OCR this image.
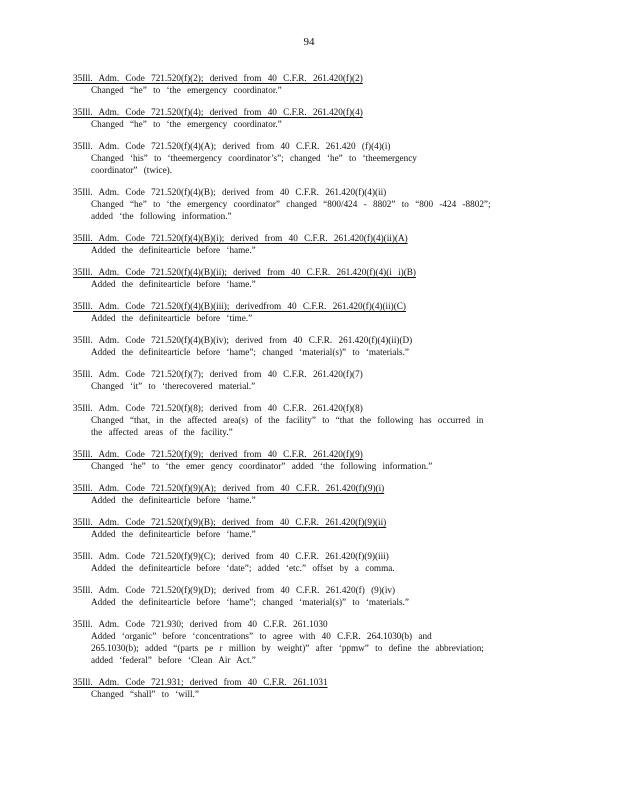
94
35Ill. Adm. Code 721.520(f)(2); derived from 40 C.F.R. 261.420(f)(2)
Changed “he” to ‘the emergency coordinator.”
35Ill. Adm. Code 721.520(f)(4); derived from 40 C.F.R. 261.420(f)(4)
Changed “he” to ‘the emergency coordinator.”
35Ill. Adm. Code 721.520(f)(4)(A); derived from 40 C.F.R. 261.420 (f)(4)(i)
Changed ‘his” to ‘theemergency coordinator’s”; changed ‘he” to ‘theemergency
coordinator” (twice).
35Ill. Adm. Code 721.520(f)(4)(B); derived from 40 C.F.R. 261.420(f)(4)(ii)
Changed “he” to ‘the emergency coordinator” changed “800/424 - 8802” to “800 -424 -8802”;
added ‘the following information.”
35Ill. Adm. Code 721.520(f)(4)(B)(i); derived from 40 C.F.R. 261.420(f)(4)(ii)(A)
Added the definitearticle before ‘hame.”
35Ill. Adm. Code 721.520(f)(4)(B)(ii); derived from 40 C.F.R. 261.420(f)(4)(i i)(B)
Added the definitearticle before ‘hame.”
35Ill. Adm. Code 721.520(f)(4)(B)(iii); derivedfrom 40 C.F.R. 261.420(f)(4)(ii)(C)
Added the definitearticle before ‘time.”
35Ill. Adm. Code 721.520(f)(4)(B)(iv); derived from 40 C.F.R. 261.420(f)(4)(ii)(D)
Added the definitearticle before ‘hame”; changed ‘material(s)” to ‘materials.”
35Ill. Adm. Code 721.520(f)(7); derived from 40 C.F.R. 261.420(f)(7)
Changed ‘it” to ‘therecovered material.”
35Ill. Adm. Code 721.520(f)(8); derived from 40 C.F.R. 261.420(f)(8)
Changed “that, in the affected area(s) of the facility” to “that the following has occurred in
the affected areas of the facility.”
35Ill. Adm. Code 721.520(f)(9); derived from 40 C.F.R. 261.420(f)(9)
Changed ‘he” to ‘the emer gency coordinator” added ‘the following information.”
35Ill. Adm. Code 721.520(f)(9)(A); derived from 40 C.F.R. 261.420(f)(9)(i)
Added the definitearticle before ‘hame.”
35Ill. Adm. Code 721.520(f)(9)(B); derived from 40 C.F.R. 261.420(f)(9)(ii)
Added the definitearticle before ‘hame.”
35Ill. Adm. Code 721.520(f)(9)(C); derived from 40 C.F.R. 261.420(f)(9)(iii)
Added the definitearticle before ‘date”; added ‘etc.” offset by a comma.
35Ill. Adm. Code 721.520(f)(9)(D); derived from 40 C.F.R. 261.420(f) (9)(iv)
Added the definitearticle before ‘hame”; changed ‘material(s)” to ‘materials.”
35Ill. Adm. Code 721.930; derived from 40 C.F.R. 261.1030
Added ‘organic” before ‘concentrations” to agree with 40 C.F.R. 264.1030(b) and
265.1030(b); added “(parts pe r million by weight)” after ‘ppmw” to define the abbreviation;
added ‘federal” before ‘Clean Air Act.”
35Ill. Adm. Code 721.931; derived from 40 C.F.R. 261.1031
Changed “shall” to ‘will.”
